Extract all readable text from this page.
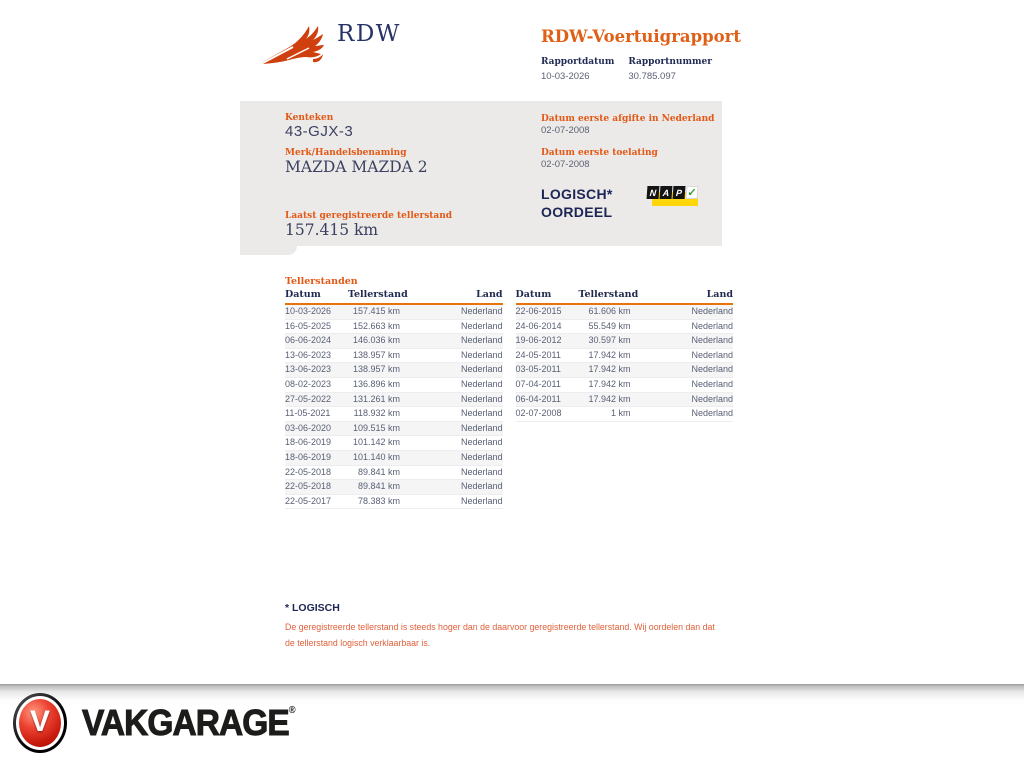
RDW	RDW-Voertuigrapport
Rapportdatum
10-03-2026
Rapportnummer
30.785.097
Kenteken
43-GJX-3
Merk/Handelsbenaming
MAZDA MAZDA 2
Laatst geregistreerde tellerstand
157.415 km
Datum eerste afgifte in Nederland
02-07-2008
Datum eerste toelating
02-07-2008
LOGISCH*
OORDEEL
N A P ✓
Tellerstanden
Datum	Tellerstand	Land
10-03-2026	157.415 km	Nederland
16-05-2025	152.663 km	Nederland
06-06-2024	146.036 km	Nederland
13-06-2023	138.957 km	Nederland
13-06-2023	138.957 km	Nederland
08-02-2023	136.896 km	Nederland
27-05-2022	131.261 km	Nederland
11-05-2021	118.932 km	Nederland
03-06-2020	109.515 km	Nederland
18-06-2019	101.142 km	Nederland
18-06-2019	101.140 km	Nederland
22-05-2018	89.841 km	Nederland
22-05-2018	89.841 km	Nederland
22-05-2017	78.383 km	Nederland
Datum	Tellerstand	Land
22-06-2015	61.606 km	Nederland
24-06-2014	55.549 km	Nederland
19-06-2012	30.597 km	Nederland
24-05-2011	17.942 km	Nederland
03-05-2011	17.942 km	Nederland
07-04-2011	17.942 km	Nederland
06-04-2011	17.942 km	Nederland
02-07-2008	1 km	Nederland
* LOGISCH
De geregistreerde tellerstand is steeds hoger dan de daarvoor geregistreerde tellerstand. Wij oordelen dan dat de tellerstand logisch verklaarbaar is.
V VAKGARAGE®
